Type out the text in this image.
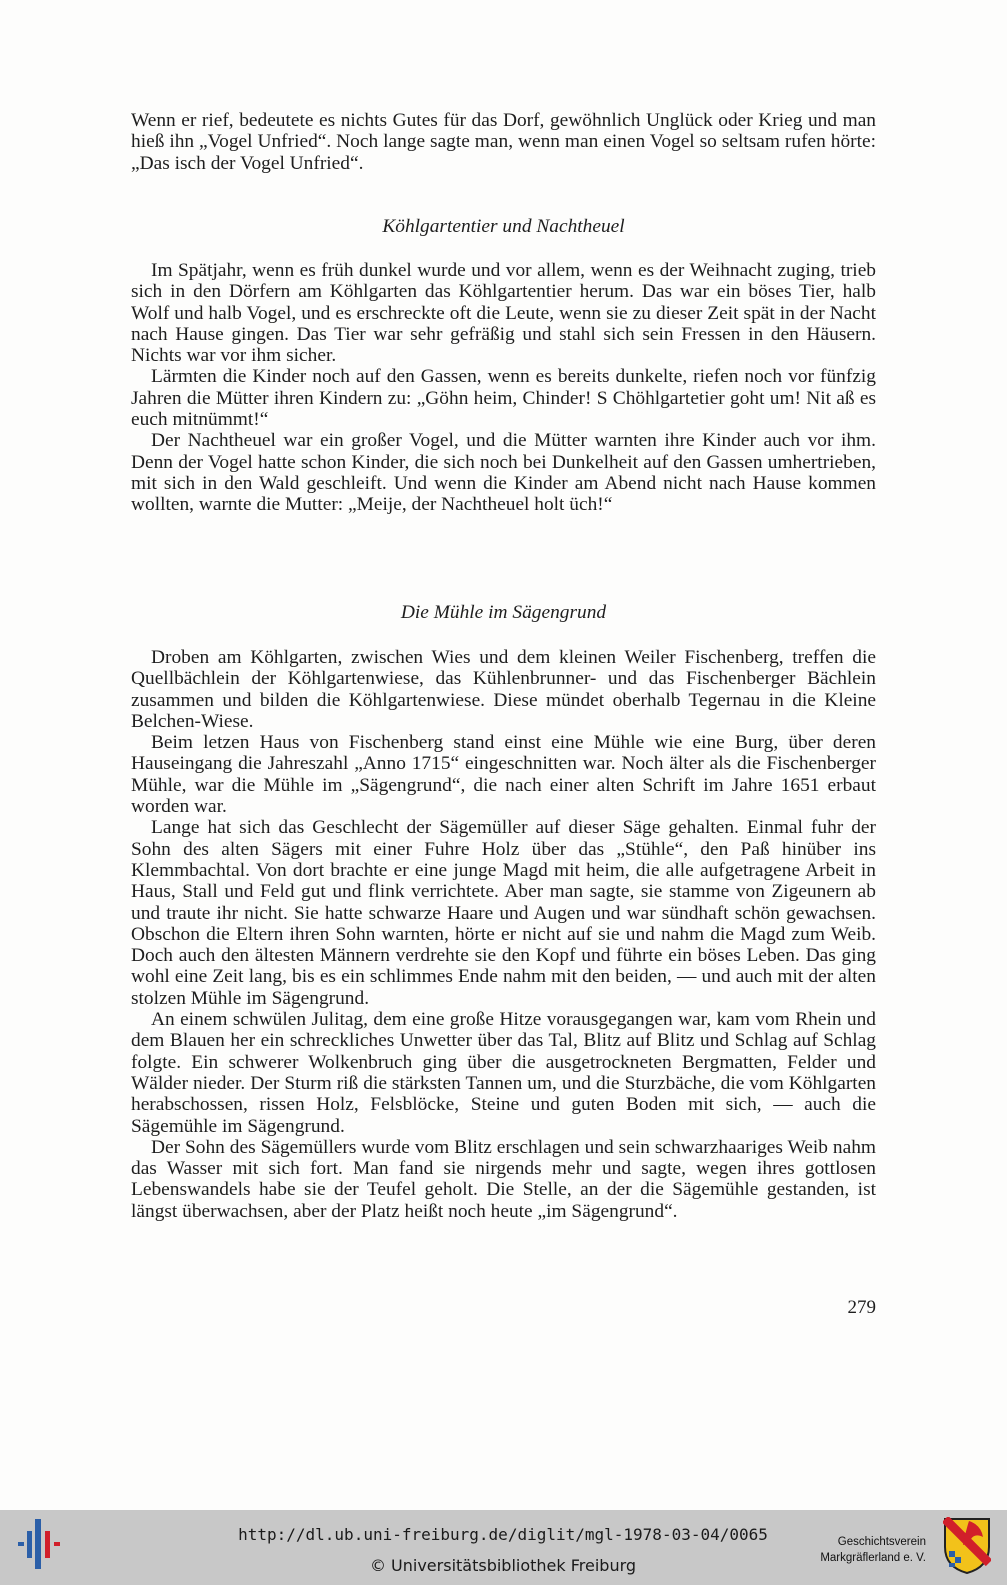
Wenn er rief, bedeutete es nichts Gutes für das Dorf, gewöhnlich Unglück oder Krieg und man hieß ihn „Vogel Unfried“. Noch lange sagte man, wenn man einen Vogel so seltsam rufen hörte: „Das isch der Vogel Unfried“.

Köhlgartentier und Nachtheuel

Im Spätjahr, wenn es früh dunkel wurde und vor allem, wenn es der Weihnacht zuging, trieb sich in den Dörfern am Köhlgarten das Köhlgartentier herum. Das war ein böses Tier, halb Wolf und halb Vogel, und es erschreckte oft die Leute, wenn sie zu dieser Zeit spät in der Nacht nach Hause gingen. Das Tier war sehr gefräßig und stahl sich sein Fressen in den Häusern. Nichts war vor ihm sicher.

Lärmten die Kinder noch auf den Gassen, wenn es bereits dunkelte, riefen noch vor fünfzig Jahren die Mütter ihren Kindern zu: „Göhn heim, Chinder! S Chöhlgartetier goht um! Nit aß es euch mitnümmt!“

Der Nachtheuel war ein großer Vogel, und die Mütter warnten ihre Kinder auch vor ihm. Denn der Vogel hatte schon Kinder, die sich noch bei Dunkelheit auf den Gassen umhertrieben, mit sich in den Wald geschleift. Und wenn die Kinder am Abend nicht nach Hause kommen wollten, warnte die Mutter: „Meije, der Nachtheuel holt üch!“

Die Mühle im Sägengrund

Droben am Köhlgarten, zwischen Wies und dem kleinen Weiler Fischenberg, treffen die Quellbächlein der Köhlgartenwiese, das Kühlenbrunner- und das Fischenberger Bächlein zusammen und bilden die Köhlgartenwiese. Diese mündet oberhalb Tegernau in die Kleine Belchen-Wiese.

Beim letzen Haus von Fischenberg stand einst eine Mühle wie eine Burg, über deren Hauseingang die Jahreszahl „Anno 1715“ eingeschnitten war. Noch älter als die Fischenberger Mühle, war die Mühle im „Sägengrund“, die nach einer alten Schrift im Jahre 1651 erbaut worden war.

Lange hat sich das Geschlecht der Sägemüller auf dieser Säge gehalten. Einmal fuhr der Sohn des alten Sägers mit einer Fuhre Holz über das „Stühle“, den Paß hinüber ins Klemmbachtal. Von dort brachte er eine junge Magd mit heim, die alle aufgetragene Arbeit in Haus, Stall und Feld gut und flink verrichtete. Aber man sagte, sie stamme von Zigeunern ab und traute ihr nicht. Sie hatte schwarze Haare und Augen und war sündhaft schön gewachsen. Obschon die Eltern ihren Sohn warnten, hörte er nicht auf sie und nahm die Magd zum Weib. Doch auch den ältesten Männern verdrehte sie den Kopf und führte ein böses Leben. Das ging wohl eine Zeit lang, bis es ein schlimmes Ende nahm mit den beiden, — und auch mit der alten stolzen Mühle im Sägengrund.

An einem schwülen Julitag, dem eine große Hitze vorausgegangen war, kam vom Rhein und dem Blauen her ein schreckliches Unwetter über das Tal, Blitz auf Blitz und Schlag auf Schlag folgte. Ein schwerer Wolkenbruch ging über die ausgetrockneten Bergmatten, Felder und Wälder nieder. Der Sturm riß die stärksten Tannen um, und die Sturzbäche, die vom Köhlgarten herabschossen, rissen Holz, Felsblöcke, Steine und guten Boden mit sich, — auch die Sägemühle im Sägengrund.

Der Sohn des Sägemüllers wurde vom Blitz erschlagen und sein schwarzhaariges Weib nahm das Wasser mit sich fort. Man fand sie nirgends mehr und sagte, wegen ihres gottlosen Lebenswandels habe sie der Teufel geholt. Die Stelle, an der die Sägemühle gestanden, ist längst überwachsen, aber der Platz heißt noch heute „im Sägengrund“.

279
http://dl.ub.uni-freiburg.de/diglit/mgl-1978-03-04/0065
© Universitätsbibliothek Freiburg
Geschichtsverein
Markgräflerland e. V.
